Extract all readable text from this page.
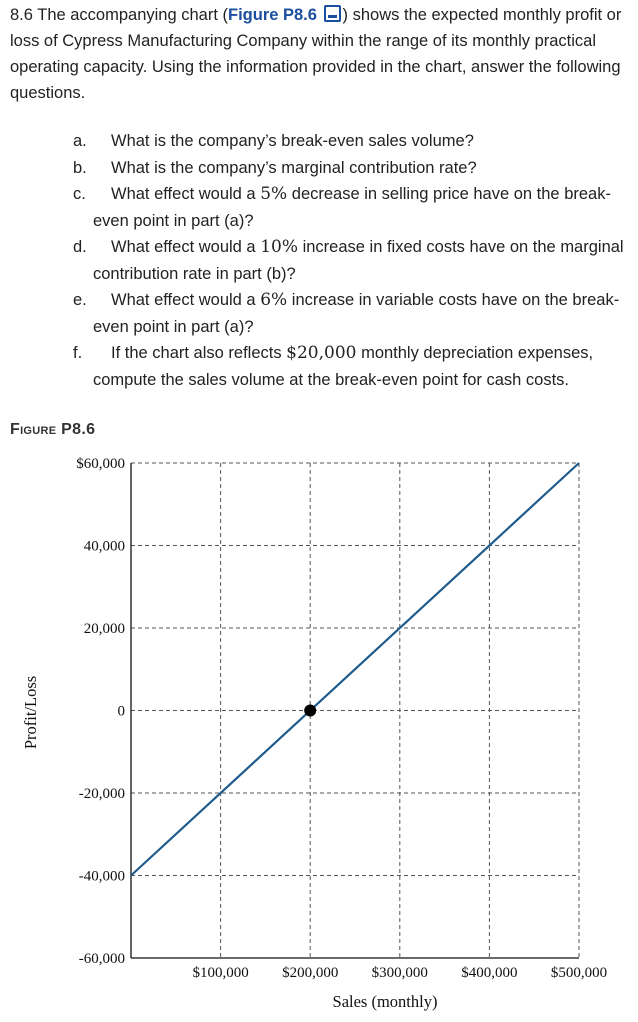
8.6 The accompanying chart (Figure P8.6 ) shows the expected monthly profit or loss of Cypress Manufacturing Company within the range of its monthly practical operating capacity. Using the information provided in the chart, answer the following questions.
a. What is the company’s break-even sales volume?
b. What is the company’s marginal contribution rate?
c. What effect would a 5% decrease in selling price have on the break-even point in part (a)?
d. What effect would a 10% increase in fixed costs have on the marginal contribution rate in part (b)?
e. What effect would a 6% increase in variable costs have on the break-even point in part (a)?
f. If the chart also reflects $20,000 monthly depreciation expenses, compute the sales volume at the break-even point for cash costs.
Figure P8.6
$60,000
40,000
20,000
0
-20,000
-40,000
-60,000
$100,000 $200,000 $300,000 $400,000 $500,000
Sales (monthly)
Profit/Loss
